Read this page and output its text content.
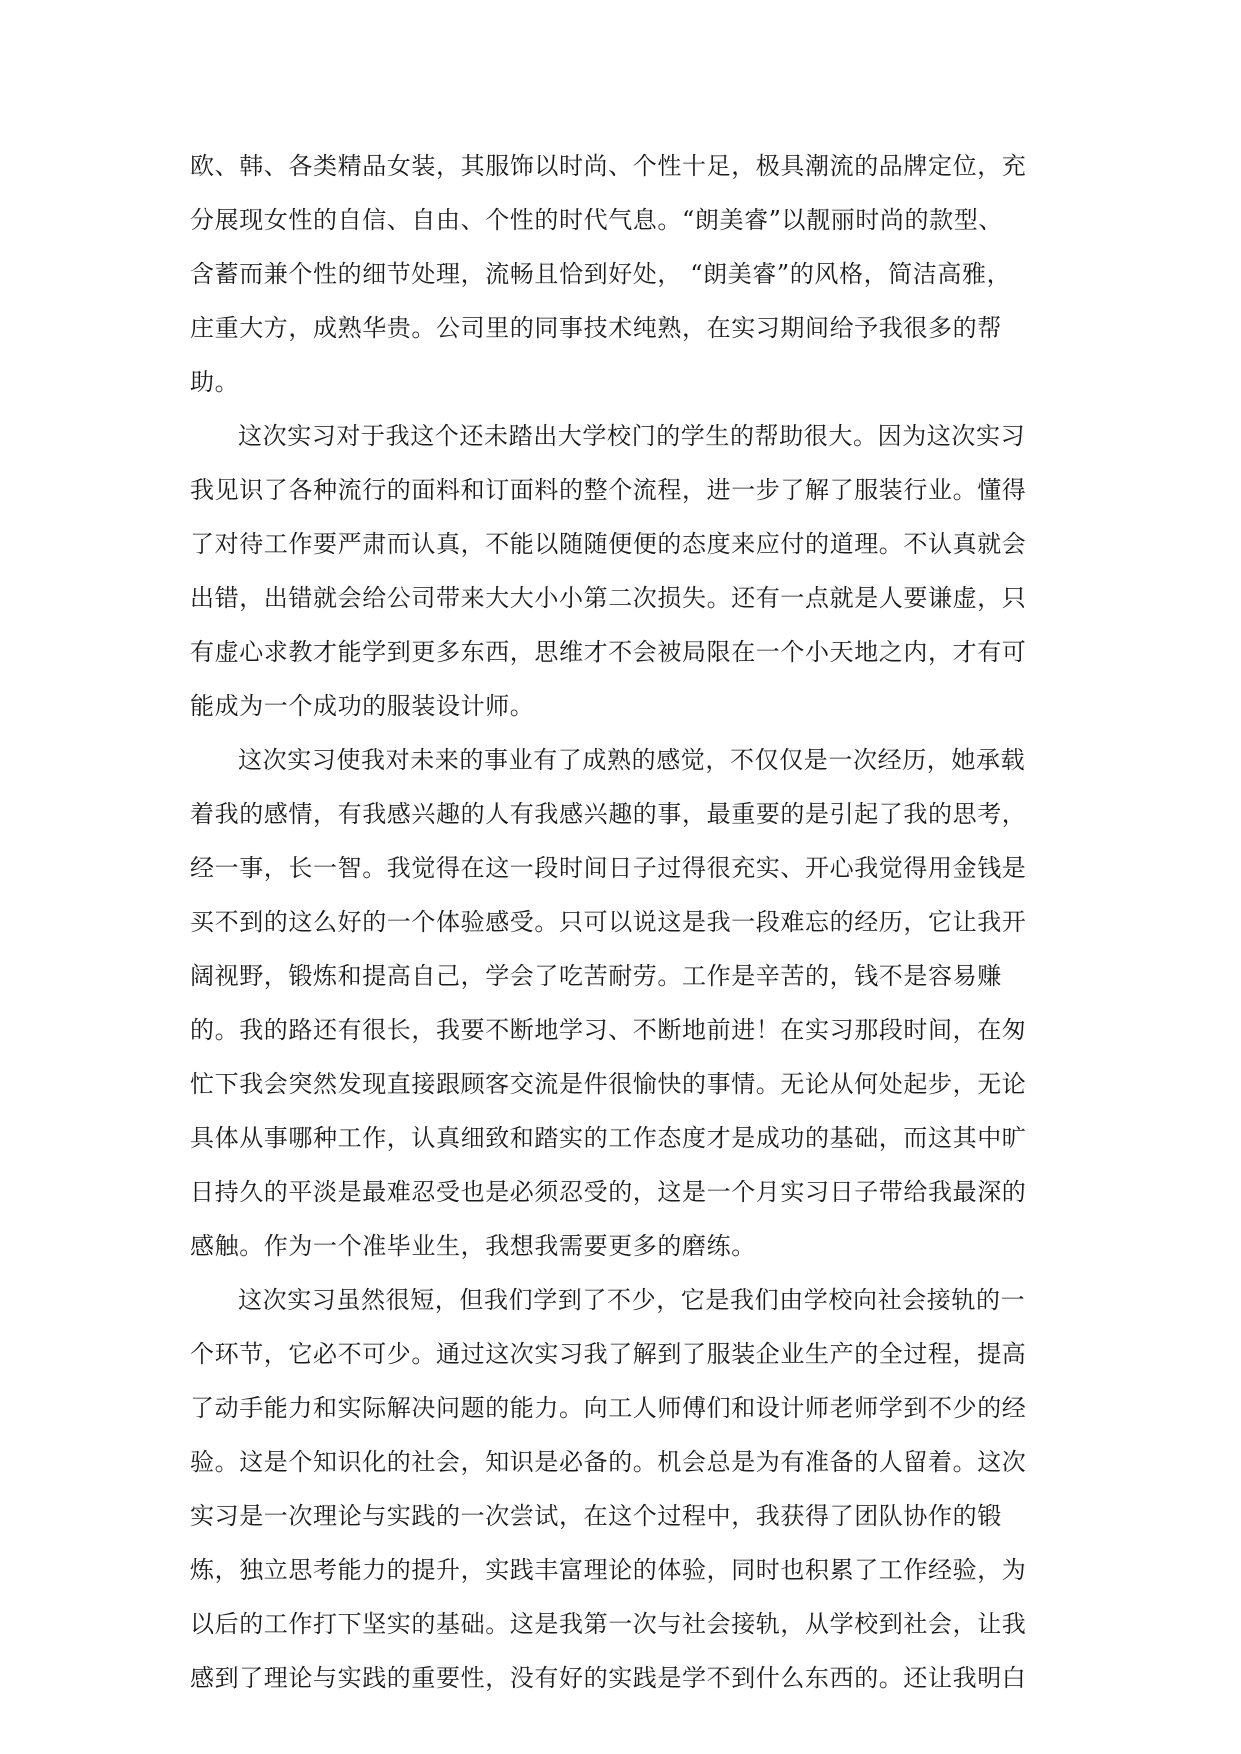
欧、韩、各类精品女装，其服饰以时尚、个性十足，极具潮流的品牌定位，充
分展现女性的自信、自由、个性的时代气息。“朗美睿”以靓丽时尚的款型、
含蓄而兼个性的细节处理，流畅且恰到好处， “朗美睿”的风格，简洁高雅，
庄重大方，成熟华贵。公司里的同事技术纯熟，在实习期间给予我很多的帮
助。
这次实习对于我这个还未踏出大学校门的学生的帮助很大。因为这次实习
我见识了各种流行的面料和订面料的整个流程，进一步了解了服装行业。懂得
了对待工作要严肃而认真，不能以随随便便的态度来应付的道理。不认真就会
出错，出错就会给公司带来大大小小第二次损失。还有一点就是人要谦虚，只
有虚心求教才能学到更多东西，思维才不会被局限在一个小天地之内，才有可
能成为一个成功的服装设计师。
这次实习使我对未来的事业有了成熟的感觉，不仅仅是一次经历，她承载
着我的感情，有我感兴趣的人有我感兴趣的事，最重要的是引起了我的思考，
经一事，长一智。我觉得在这一段时间日子过得很充实、开心我觉得用金钱是
买不到的这么好的一个体验感受。只可以说这是我一段难忘的经历，它让我开
阔视野，锻炼和提高自己，学会了吃苦耐劳。工作是辛苦的，钱不是容易赚
的。我的路还有很长，我要不断地学习、不断地前进！在实习那段时间，在匆
忙下我会突然发现直接跟顾客交流是件很愉快的事情。无论从何处起步，无论
具体从事哪种工作，认真细致和踏实的工作态度才是成功的基础，而这其中旷
日持久的平淡是最难忍受也是必须忍受的，这是一个月实习日子带给我最深的
感触。作为一个准毕业生，我想我需要更多的磨练。
这次实习虽然很短，但我们学到了不少，它是我们由学校向社会接轨的一
个环节，它必不可少。通过这次实习我了解到了服装企业生产的全过程，提高
了动手能力和实际解决问题的能力。向工人师傅们和设计师老师学到不少的经
验。这是个知识化的社会，知识是必备的。机会总是为有准备的人留着。这次
实习是一次理论与实践的一次尝试，在这个过程中，我获得了团队协作的锻
炼，独立思考能力的提升，实践丰富理论的体验，同时也积累了工作经验，为
以后的工作打下坚实的基础。这是我第一次与社会接轨，从学校到社会，让我
感到了理论与实践的重要性，没有好的实践是学不到什么东西的。还让我明白
